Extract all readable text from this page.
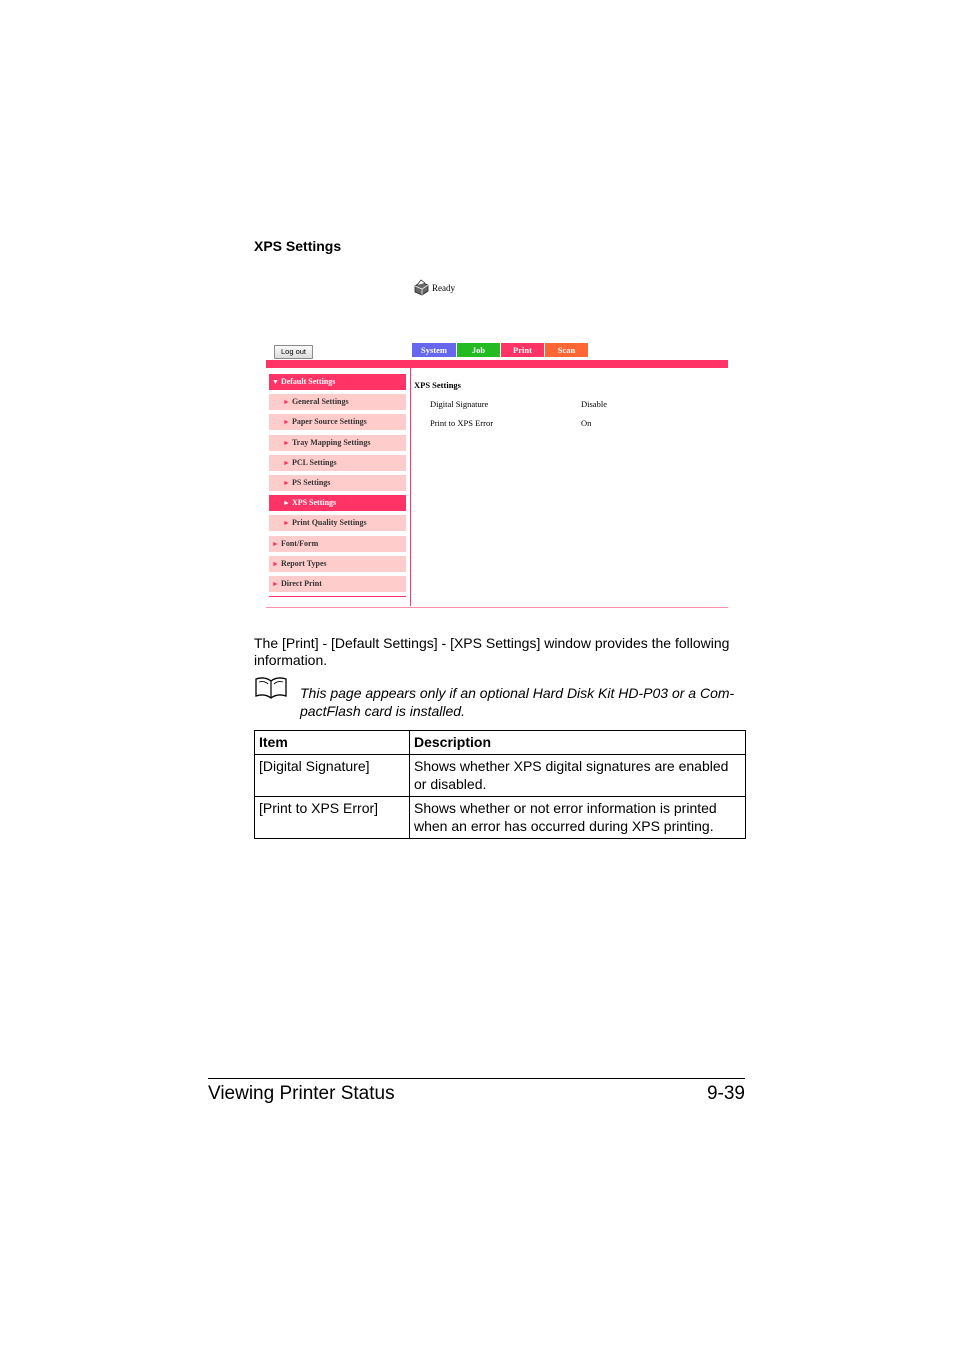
XPS Settings
Ready
Log out	System	Job	Print	Scan
▼ Default Settings
► General Settings
► Paper Source Settings
► Tray Mapping Settings
► PCL Settings
► PS Settings
► XPS Settings
► Print Quality Settings
► Font/Form
► Report Types
► Direct Print
XPS Settings
Digital Signature	Disable
Print to XPS Error	On
The [Print] - [Default Settings] - [XPS Settings] window provides the following information.
This page appears only if an optional Hard Disk Kit HD-P03 or a Com-pactFlash card is installed.
Item	Description
[Digital Signature]	Shows whether XPS digital signatures are enabled or disabled.
[Print to XPS Error]	Shows whether or not error information is printed when an error has occurred during XPS printing.
Viewing Printer Status	9-39
